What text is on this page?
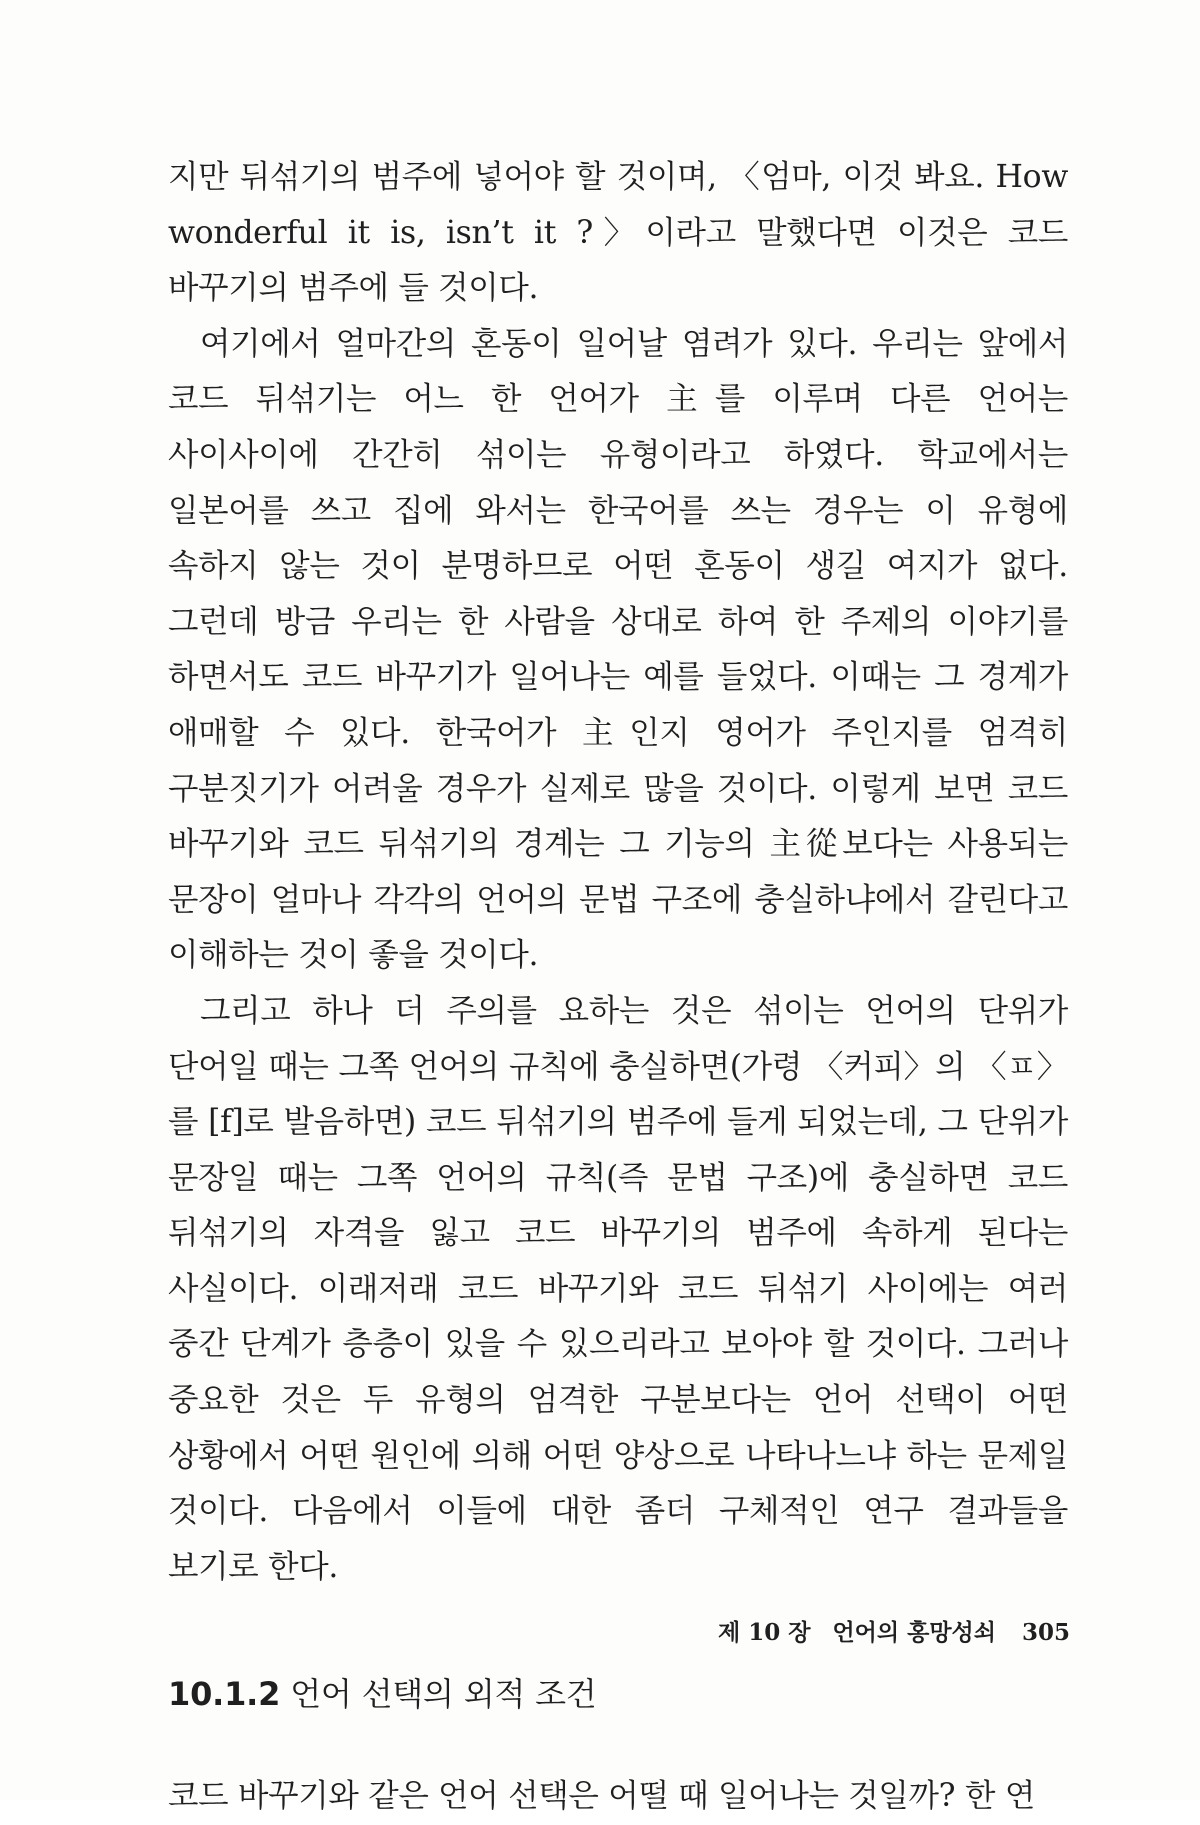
지만 뒤섞기의 범주에 넣어야 할 것이며, 〈엄마, 이것 봐요. How wonderful it is, isn’t it ?〉이라고 말했다면 이것은 코드 바꾸기의 범주에 들 것이다.

여기에서 얼마간의 혼동이 일어날 염려가 있다. 우리는 앞에서 코드 뒤섞기는 어느 한 언어가 主를 이루며 다른 언어는 사이사이에 간간히 섞이는 유형이라고 하였다. 학교에서는 일본어를 쓰고 집에 와서는 한국어를 쓰는 경우는 이 유형에 속하지 않는 것이 분명하므로 어떤 혼동이 생길 여지가 없다. 그런데 방금 우리는 한 사람을 상대로 하여 한 주제의 이야기를 하면서도 코드 바꾸기가 일어나는 예를 들었다. 이때는 그 경계가 애매할 수 있다. 한국어가 主인지 영어가 주인지를 엄격히 구분짓기가 어려울 경우가 실제로 많을 것이다. 이렇게 보면 코드 바꾸기와 코드 뒤섞기의 경계는 그 기능의 主從보다는 사용되는 문장이 얼마나 각각의 언어의 문법 구조에 충실하냐에서 갈린다고 이해하는 것이 좋을 것이다.

그리고 하나 더 주의를 요하는 것은 섞이는 언어의 단위가 단어일 때는 그쪽 언어의 규칙에 충실하면(가령 〈커피〉의 〈ㅍ〉를 [f]로 발음하면) 코드 뒤섞기의 범주에 들게 되었는데, 그 단위가 문장일 때는 그쪽 언어의 규칙(즉 문법 구조)에 충실하면 코드 뒤섞기의 자격을 잃고 코드 바꾸기의 범주에 속하게 된다는 사실이다. 이래저래 코드 바꾸기와 코드 뒤섞기 사이에는 여러 중간 단계가 층층이 있을 수 있으리라고 보아야 할 것이다. 그러나 중요한 것은 두 유형의 엄격한 구분보다는 언어 선택이 어떤 상황에서 어떤 원인에 의해 어떤 양상으로 나타나느냐 하는 문제일 것이다. 다음에서 이들에 대한 좀더 구체적인 연구 결과들을 보기로 한다.

10.1.2 언어 선택의 외적 조건

코드 바꾸기와 같은 언어 선택은 어떨 때 일어나는 것일까? 한 연

제 10 장 언어의 홍망성쇠 305
